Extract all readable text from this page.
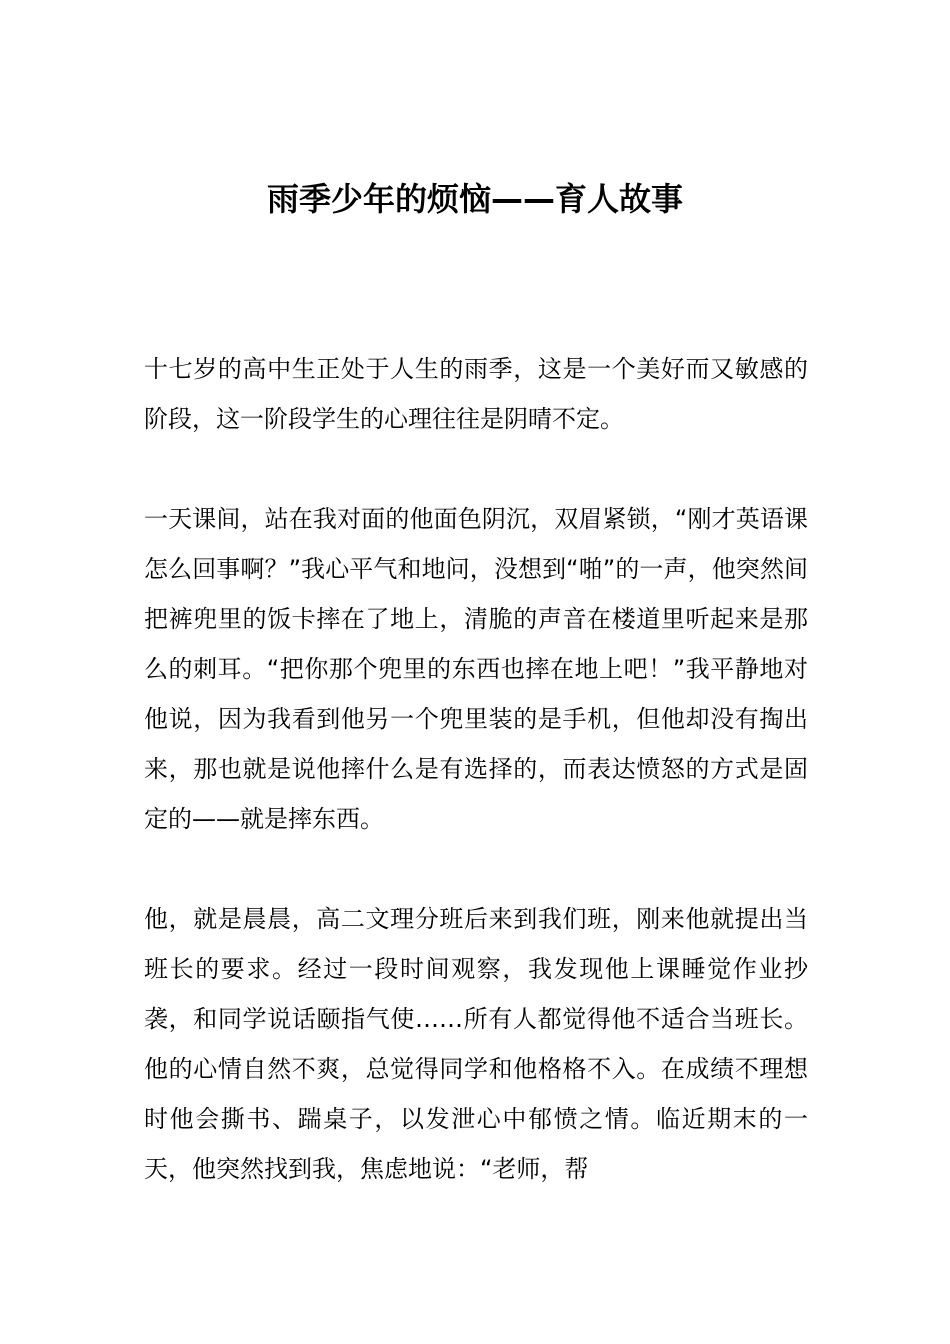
雨季少年的烦恼——育人故事

十七岁的高中生正处于人生的雨季，这是一个美好而又敏感的阶段，这一阶段学生的心理往往是阴晴不定。

一天课间，站在我对面的他面色阴沉，双眉紧锁，“刚才英语课怎么回事啊？”我心平气和地问，没想到“啪”的一声，他突然间把裤兜里的饭卡摔在了地上，清脆的声音在楼道里听起来是那么的刺耳。“把你那个兜里的东西也摔在地上吧！”我平静地对他说，因为我看到他另一个兜里装的是手机，但他却没有掏出来，那也就是说他摔什么是有选择的，而表达愤怒的方式是固定的——就是摔东西。

他，就是晨晨，高二文理分班后来到我们班，刚来他就提出当班长的要求。经过一段时间观察，我发现他上课睡觉作业抄袭，和同学说话颐指气使……所有人都觉得他不适合当班长。他的心情自然不爽，总觉得同学和他格格不入。在成绩不理想时他会撕书、踹桌子，以发泄心中郁愤之情。临近期末的一天，他突然找到我，焦虑地说：“老师，帮
